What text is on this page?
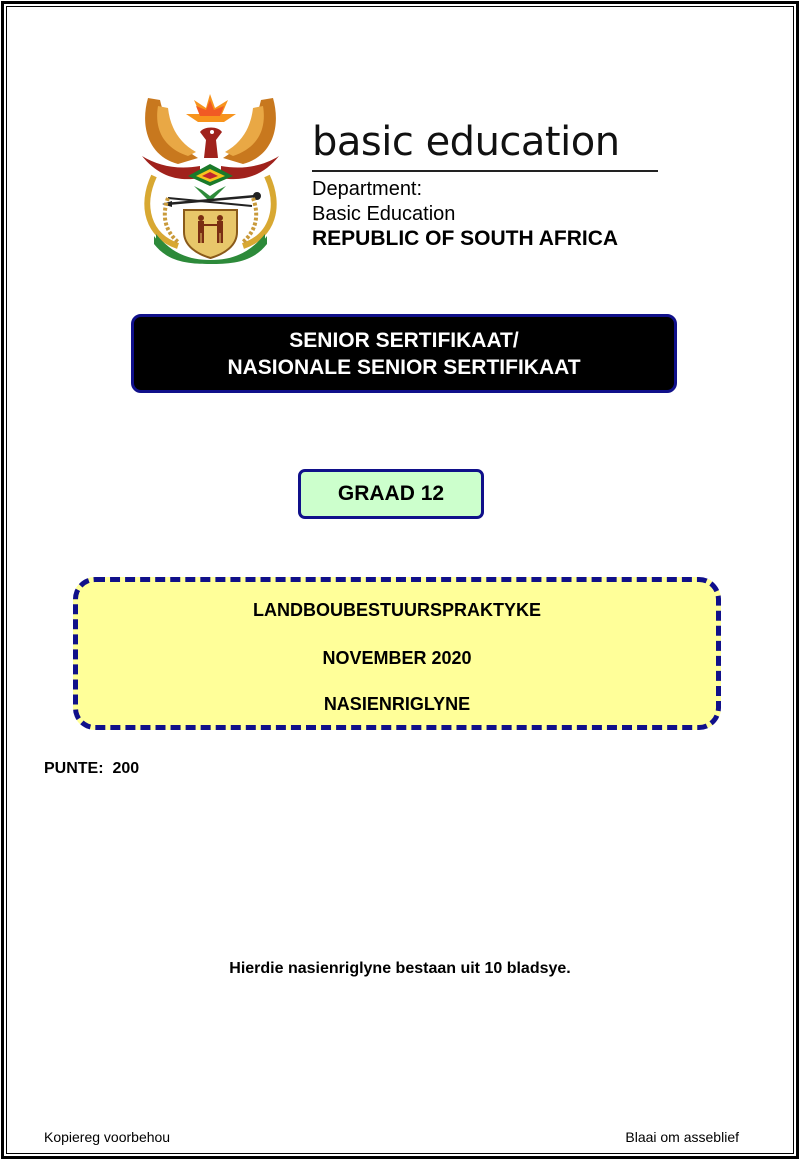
basic education
Department:
Basic Education
REPUBLIC OF SOUTH AFRICA
SENIOR SERTIFIKAAT/
NASIONALE SENIOR SERTIFIKAAT
GRAAD 12
LANDBOUBESTUURSPRAKTYKE
NOVEMBER 2020
NASIENRIGLYNE
PUNTE:  200
Hierdie nasienriglyne bestaan uit 10 bladsye.
Kopiereg voorbehou	Blaai om asseblief
